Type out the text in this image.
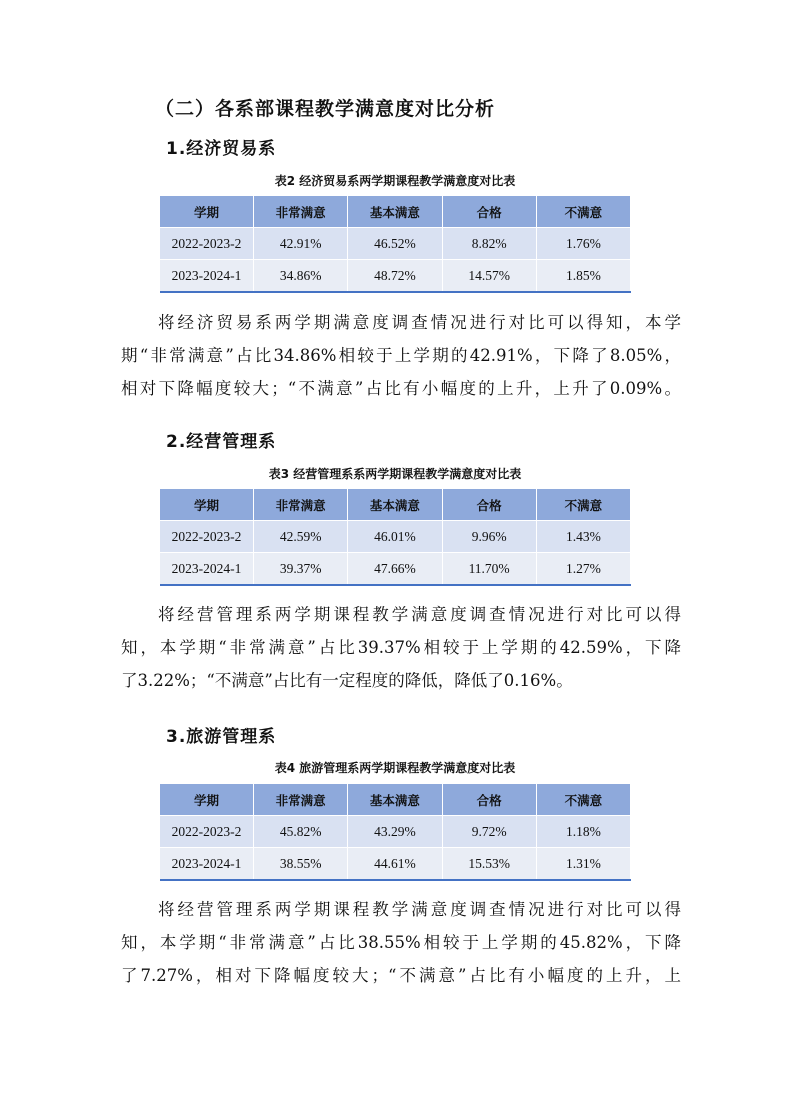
（二）各系部课程教学满意度对比分析
1.经济贸易系
表2 经济贸易系两学期课程教学满意度对比表
学期	非常满意	基本满意	合格	不满意
2022-2023-2	42.91%	46.52%	8.82%	1.76%
2023-2024-1	34.86%	48.72%	14.57%	1.85%
将经济贸易系两学期满意度调查情况进行对比可以得知，本学
期“非常满意”占比34.86%相较于上学期的42.91%，下降了8.05%，
相对下降幅度较大；“不满意”占比有小幅度的上升，上升了0.09%。
2.经营管理系
表3 经营管理系系两学期课程教学满意度对比表
学期	非常满意	基本满意	合格	不满意
2022-2023-2	42.59%	46.01%	9.96%	1.43%
2023-2024-1	39.37%	47.66%	11.70%	1.27%
将经营管理系两学期课程教学满意度调查情况进行对比可以得
知，本学期“非常满意”占比39.37%相较于上学期的42.59%，下降
了3.22%；“不满意”占比有一定程度的降低，降低了0.16%。
3.旅游管理系
表4 旅游管理系两学期课程教学满意度对比表
学期	非常满意	基本满意	合格	不满意
2022-2023-2	45.82%	43.29%	9.72%	1.18%
2023-2024-1	38.55%	44.61%	15.53%	1.31%
将经营管理系两学期课程教学满意度调查情况进行对比可以得
知，本学期“非常满意”占比38.55%相较于上学期的45.82%，下降
了7.27%，相对下降幅度较大；“不满意”占比有小幅度的上升，上
